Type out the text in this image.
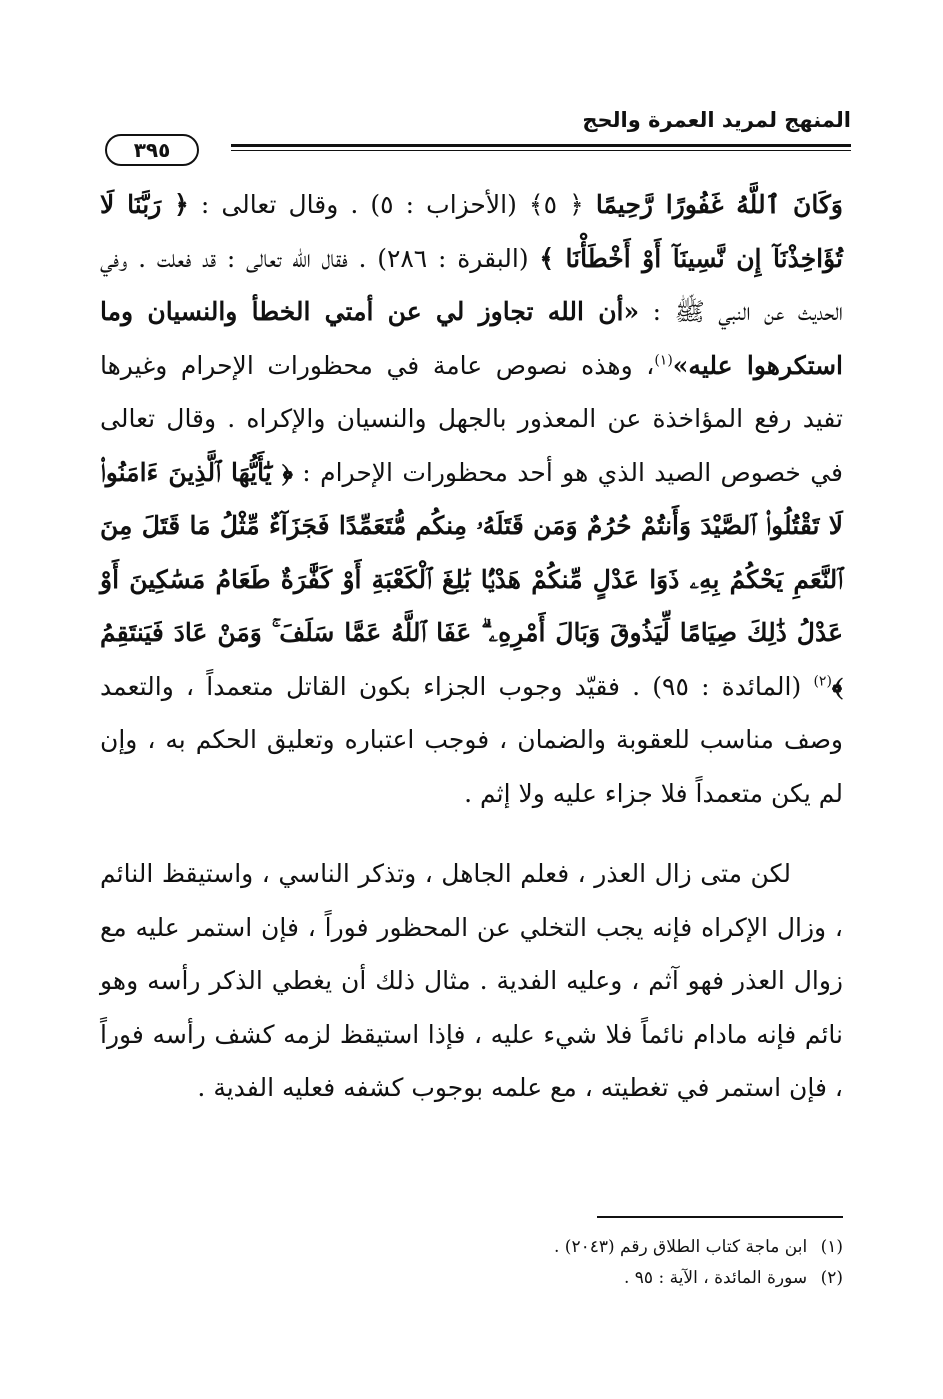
المنهج لمريد العمرة والحج
٣٩٥

وَكَانَ ٱللَّهُ غَفُورًا رَّحِيمًا ﴿ ٥﴾ (الأحزاب : ٥) . وقال تعالى : ﴿ رَبَّنَا لَا تُؤَاخِذْنَآ إِن نَّسِينَآ أَوْ أَخْطَأْنَا ﴾ (البقرة : ٢٨٦) . فقال الله تعالى : قد فعلت . وفي الحديث عن النبي ﷺ : «أن الله تجاوز لي عن أمتي الخطأ والنسيان وما استكرهوا عليه»$^{(١)}$، وهذه نصوص عامة في محظورات الإحرام وغيرها تفيد رفع المؤاخذة عن المعذور بالجهل والنسيان والإكراه . وقال تعالى في خصوص الصيد الذي هو أحد محظورات الإحرام : ﴿ يَٰٓأَيُّهَا ٱلَّذِينَ ءَامَنُوا۟ لَا تَقْتُلُوا۟ ٱلصَّيْدَ وَأَنتُمْ حُرُمٌ وَمَن قَتَلَهُۥ مِنكُم مُّتَعَمِّدًا فَجَزَآءٌ مِّثْلُ مَا قَتَلَ مِنَ ٱلنَّعَمِ يَحْكُمُ بِهِۦ ذَوَا عَدْلٍ مِّنكُمْ هَدْيًۢا بَٰلِغَ ٱلْكَعْبَةِ أَوْ كَفَّٰرَةٌ طَعَامُ مَسَٰكِينَ أَوْ عَدْلُ ذَٰلِكَ صِيَامًا لِّيَذُوقَ وَبَالَ أَمْرِهِۦ ۗ عَفَا ٱللَّهُ عَمَّا سَلَفَ ۚ وَمَنْ عَادَ فَيَنتَقِمُ ﴾$^{(٢)}$ (المائدة : ٩٥) . فقيّد وجوب الجزاء بكون القاتل متعمداً ، والتعمد وصف مناسب للعقوبة والضمان ، فوجب اعتباره وتعليق الحكم به ، وإن لم يكن متعمداً فلا جزاء عليه ولا إثم .

لكن متى زال العذر ، فعلم الجاهل ، وتذكر الناسي ، واستيقظ النائم ، وزال الإكراه فإنه يجب التخلي عن المحظور فوراً ، فإن استمر عليه مع زوال العذر فهو آثم ، وعليه الفدية . مثال ذلك أن يغطي الذكر رأسه وهو نائم فإنه مادام نائماً فلا شيء عليه ، فإذا استيقظ لزمه كشف رأسه فوراً ، فإن استمر في تغطيته ، مع علمه بوجوب كشفه فعليه الفدية .

(١) ابن ماجة كتاب الطلاق رقم (٢٠٤٣) .
(٢) سورة المائدة ، الآية : ٩٥ .
